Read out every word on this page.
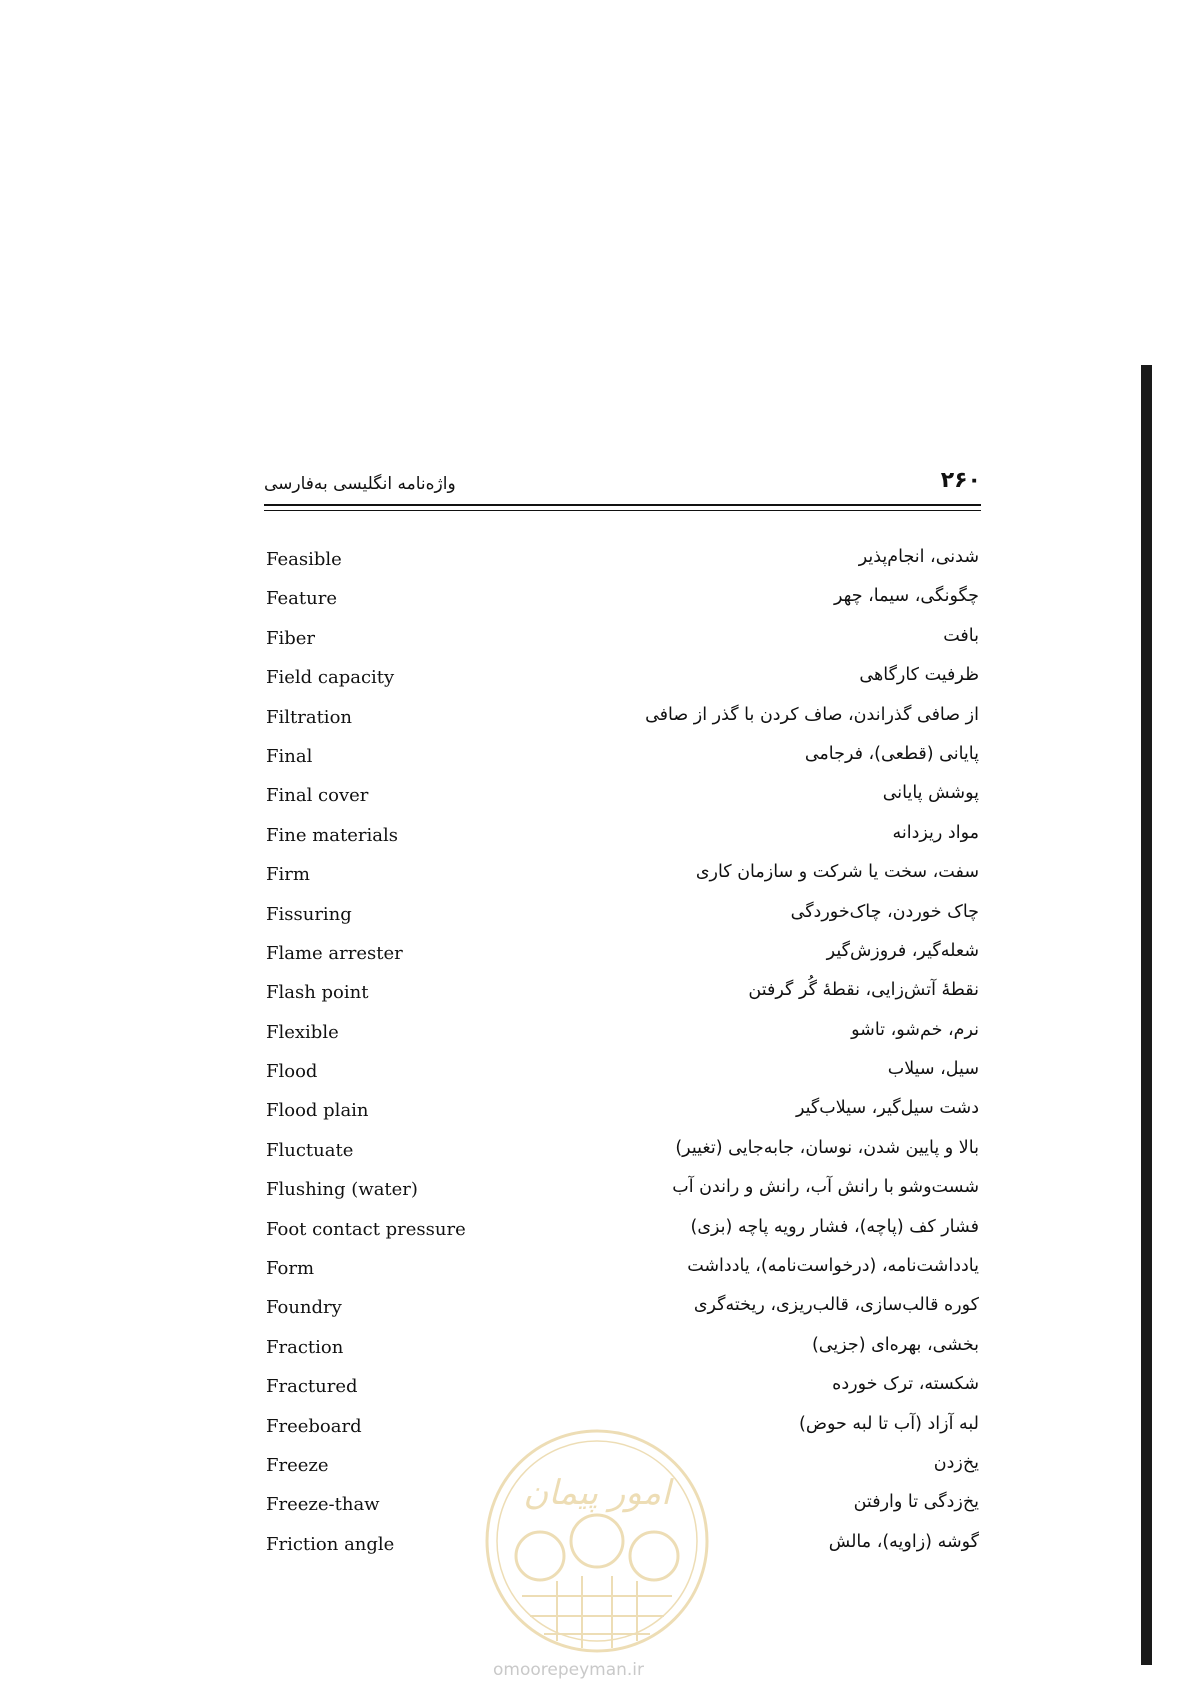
واژه‌نامه انگلیسی به‌فارسی	۲۶۰
Feasible	شدنی، انجام‌پذیر
Feature	چگونگی، سیما، چهر
Fiber	بافت
Field capacity	ظرفیت کارگاهی
Filtration	از صافی گذراندن، صاف کردن با گذر از صافی
Final	پایانی (قطعی)، فرجامی
Final cover	پوشش پایانی
Fine materials	مواد ریزدانه
Firm	سفت، سخت یا شرکت و سازمان کاری
Fissuring	چاک خوردن، چاک‌خوردگی
Flame arrester	شعله‌گیر، فروزش‌گیر
Flash point	نقطهٔ آتش‌زایی، نقطهٔ گُر گرفتن
Flexible	نرم، خم‌شو، تاشو
Flood	سیل، سیلاب
Flood plain	دشت سیل‌گیر، سیلاب‌گیر
Fluctuate	بالا و پایین شدن، نوسان، جابه‌جایی (تغییر)
Flushing (water)	شست‌وشو با رانش آب، رانش و راندن آب
Foot contact pressure	فشار کف (پاچه)، فشار رویه پاچه (بزی)
Form	یادداشت‌نامه، (درخواست‌نامه)، یادداشت
Foundry	کوره قالب‌سازی، قالب‌ریزی، ریخته‌گری
Fraction	بخشی، بهره‌ای (جزیی)
Fractured	شکسته، ترک خورده
Freeboard	لبه آزاد (آب تا لبه حوض)
Freeze	یخ‌زدن
Freeze-thaw	یخ‌زدگی تا وارفتن
Friction angle	گوشه (زاویه)، مالش
امور پیمان
omoorepeyman.ir
